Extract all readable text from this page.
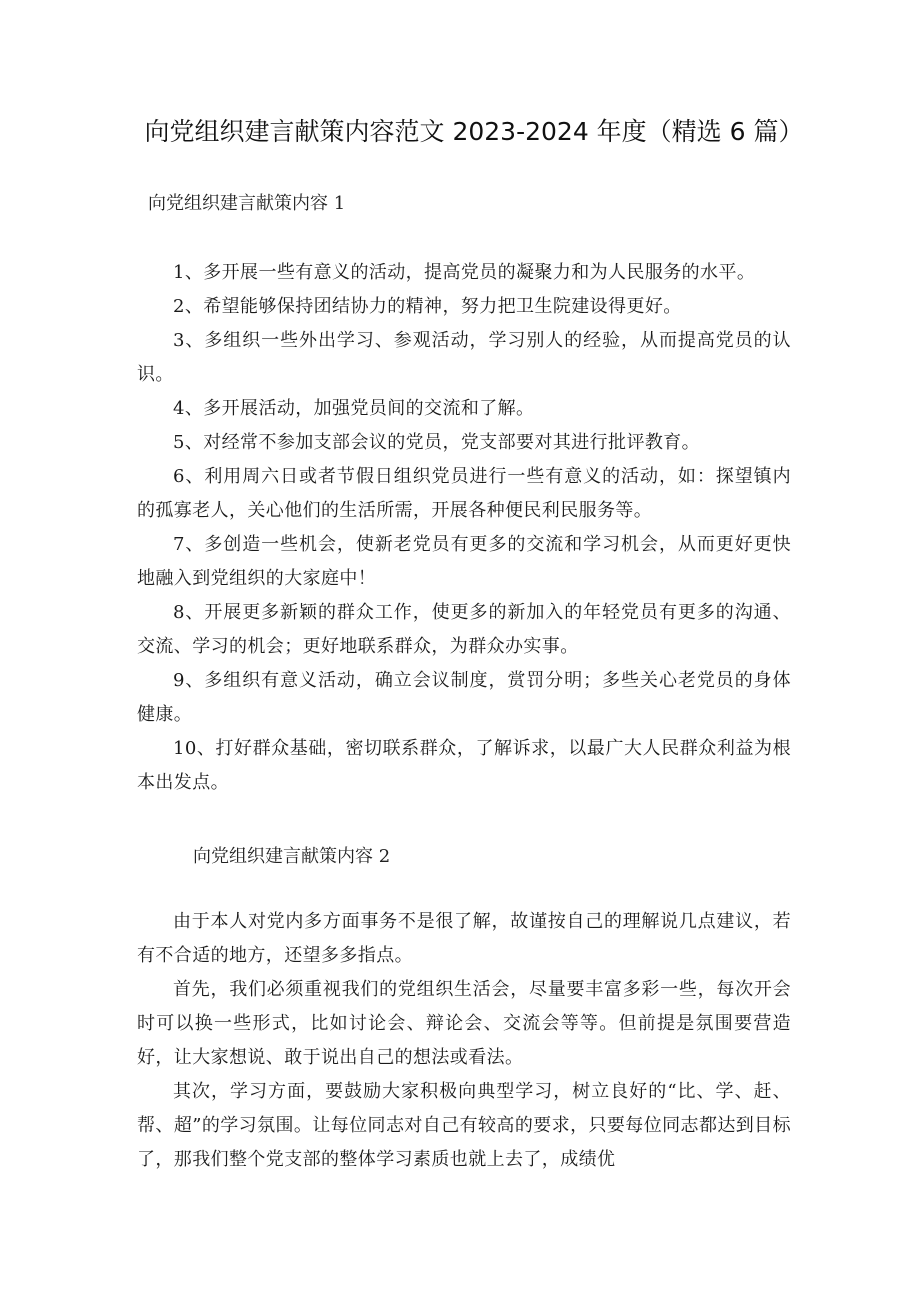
向党组织建言献策内容范文 2023-2024 年度（精选 6 篇）
向党组织建言献策内容 1

1、多开展一些有意义的活动，提高党员的凝聚力和为人民服务的水平。

2、希望能够保持团结协力的精神，努力把卫生院建设得更好。

3、多组织一些外出学习、参观活动，学习别人的经验，从而提高党员的认识。

4、多开展活动，加强党员间的交流和了解。

5、对经常不参加支部会议的党员，党支部要对其进行批评教育。

6、利用周六日或者节假日组织党员进行一些有意义的活动，如：探望镇内的孤寡老人，关心他们的生活所需，开展各种便民利民服务等。

7、多创造一些机会，使新老党员有更多的交流和学习机会，从而更好更快地融入到党组织的大家庭中！

8、开展更多新颖的群众工作，使更多的新加入的年轻党员有更多的沟通、交流、学习的机会；更好地联系群众，为群众办实事。

9、多组织有意义活动，确立会议制度，赏罚分明；多些关心老党员的身体健康。

10、打好群众基础，密切联系群众，了解诉求，以最广大人民群众利益为根本出发点。

向党组织建言献策内容 2

由于本人对党内多方面事务不是很了解，故谨按自己的理解说几点建议，若有不合适的地方，还望多多指点。

首先，我们必须重视我们的党组织生活会，尽量要丰富多彩一些，每次开会时可以换一些形式，比如讨论会、辩论会、交流会等等。但前提是氛围要营造好，让大家想说、敢于说出自己的想法或看法。

其次，学习方面，要鼓励大家积极向典型学习，树立良好的“比、学、赶、帮、超”的学习氛围。让每位同志对自己有较高的要求，只要每位同志都达到目标了，那我们整个党支部的整体学习素质也就上去了，成绩优
